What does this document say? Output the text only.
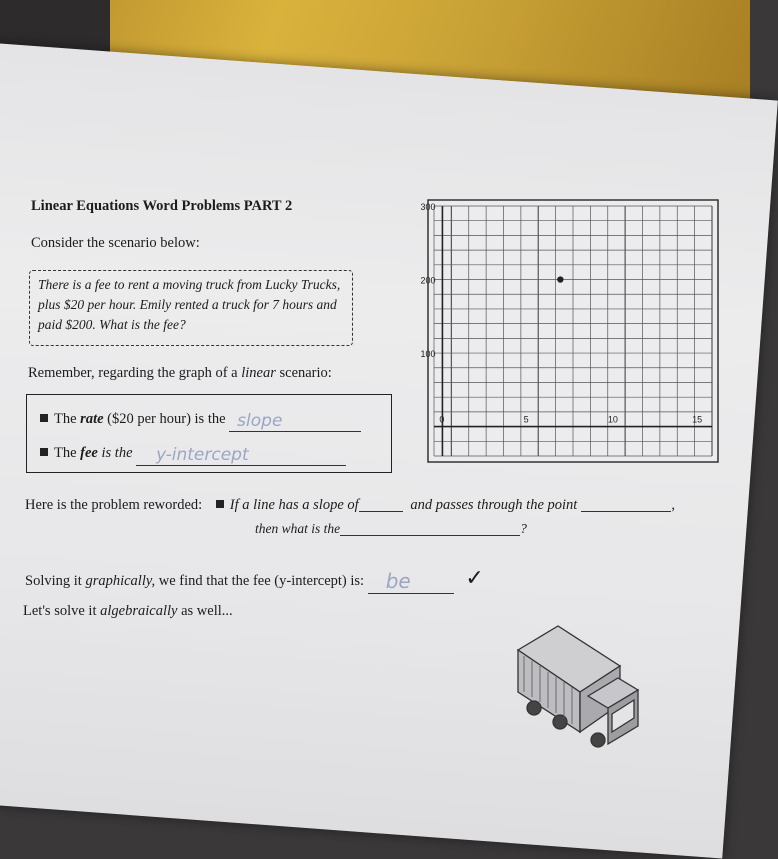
Linear Equations Word Problems PART 2
Consider the scenario below:
There is a fee to rent a moving truck from Lucky Trucks, plus $20 per hour. Emily rented a truck for 7 hours and paid $200. What is the fee?
Remember, regarding the graph of a linear scenario:
The rate ($20 per hour) is the slope
The fee is the y-intercept
Here is the problem reworded: If a line has a slope of	and passes through the point	,
then what is the	?
Solving it graphically, we find that the fee (y-intercept) is: be ✓
Let's solve it algebraically as well...
100
200
300
0	5	10	15
